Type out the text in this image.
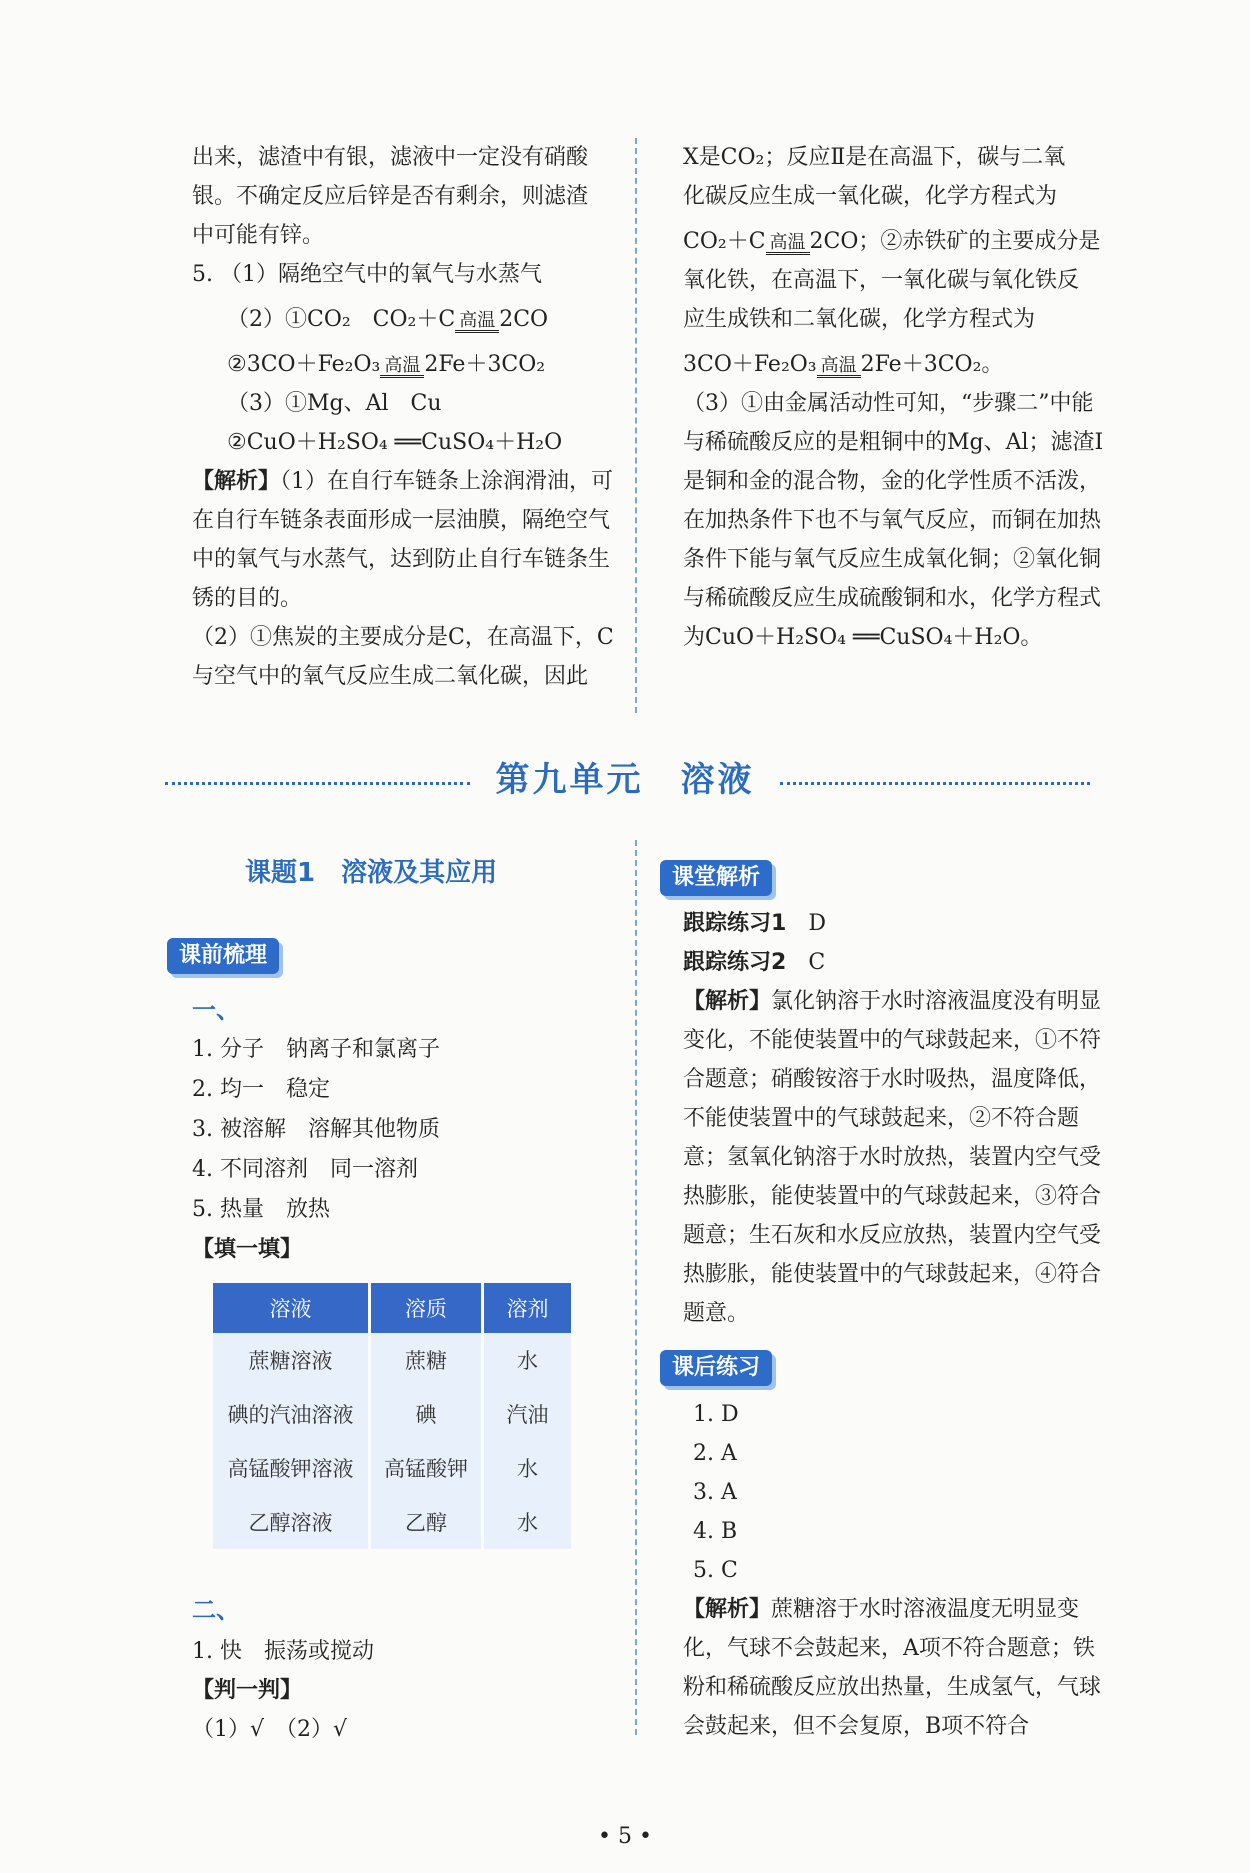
出来，滤渣中有银，滤液中一定没有硝酸

银。不确定反应后锌是否有剩余，则滤渣

中可能有锌。

5. （1）隔绝空气中的氧气与水蒸气

（2）①CO₂　CO₂＋C 高温 2CO

②3CO＋Fe₂O₃ 高温 2Fe＋3CO₂

（3）①Mg、Al　Cu

②CuO＋H₂SO₄ ══CuSO₄＋H₂O

【解析】（1）在自行车链条上涂润滑油，可在自行车链条表面形成一层油膜，隔绝空气中的氧气与水蒸气，达到防止自行车链条生锈的目的。

（2）①焦炭的主要成分是C，在高温下，C与空气中的氧气反应生成二氧化碳，因此

X是CO₂；反应Ⅱ是在高温下，碳与二氧

化碳反应生成一氧化碳，化学方程式为

CO₂＋C 高温 2CO；②赤铁矿的主要成分是

氧化铁，在高温下，一氧化碳与氧化铁反

应生成铁和二氧化碳，化学方程式为

3CO＋Fe₂O₃ 高温 2Fe＋3CO₂。

（3）①由金属活动性可知，“步骤二”中能与稀硫酸反应的是粗铜中的Mg、Al；滤渣Ⅰ是铜和金的混合物，金的化学性质不活泼，在加热条件下也不与氧气反应，而铜在加热条件下能与氧气反应生成氧化铜；②氧化铜与稀硫酸反应生成硫酸铜和水，化学方程式为CuO＋H₂SO₄ ══CuSO₄＋H₂O。

第九单元　溶液
课题1　溶液及其应用
课前梳理
课堂解析
课后练习
一、

1. 分子　钠离子和氯离子

2. 均一　稳定

3. 被溶解　溶解其他物质

4. 不同溶剂　同一溶剂

5. 热量　放热

【填一填】

溶液	溶质	溶剂
蔗糖溶液	蔗糖	水
碘的汽油溶液	碘	汽油
高锰酸钾溶液	高锰酸钾	水
乙醇溶液	乙醇	水
二、

1. 快　振荡或搅动

【判一判】

（1）√　（2）√

跟踪练习1　 D

跟踪练习2　 C

【解析】氯化钠溶于水时溶液温度没有明显变化，不能使装置中的气球鼓起来，①不符合题意；硝酸铵溶于水时吸热，温度降低，不能使装置中的气球鼓起来，②不符合题意；氢氧化钠溶于水时放热，装置内空气受热膨胀，能使装置中的气球鼓起来，③符合题意；生石灰和水反应放热，装置内空气受热膨胀，能使装置中的气球鼓起来，④符合题意。

1. D

2. A

3. A

4. B

5. C

【解析】蔗糖溶于水时溶液温度无明显变化，气球不会鼓起来，A项不符合题意；铁粉和稀硫酸反应放出热量，生成氢气，气球会鼓起来，但不会复原，B项不符合

• 5 •
